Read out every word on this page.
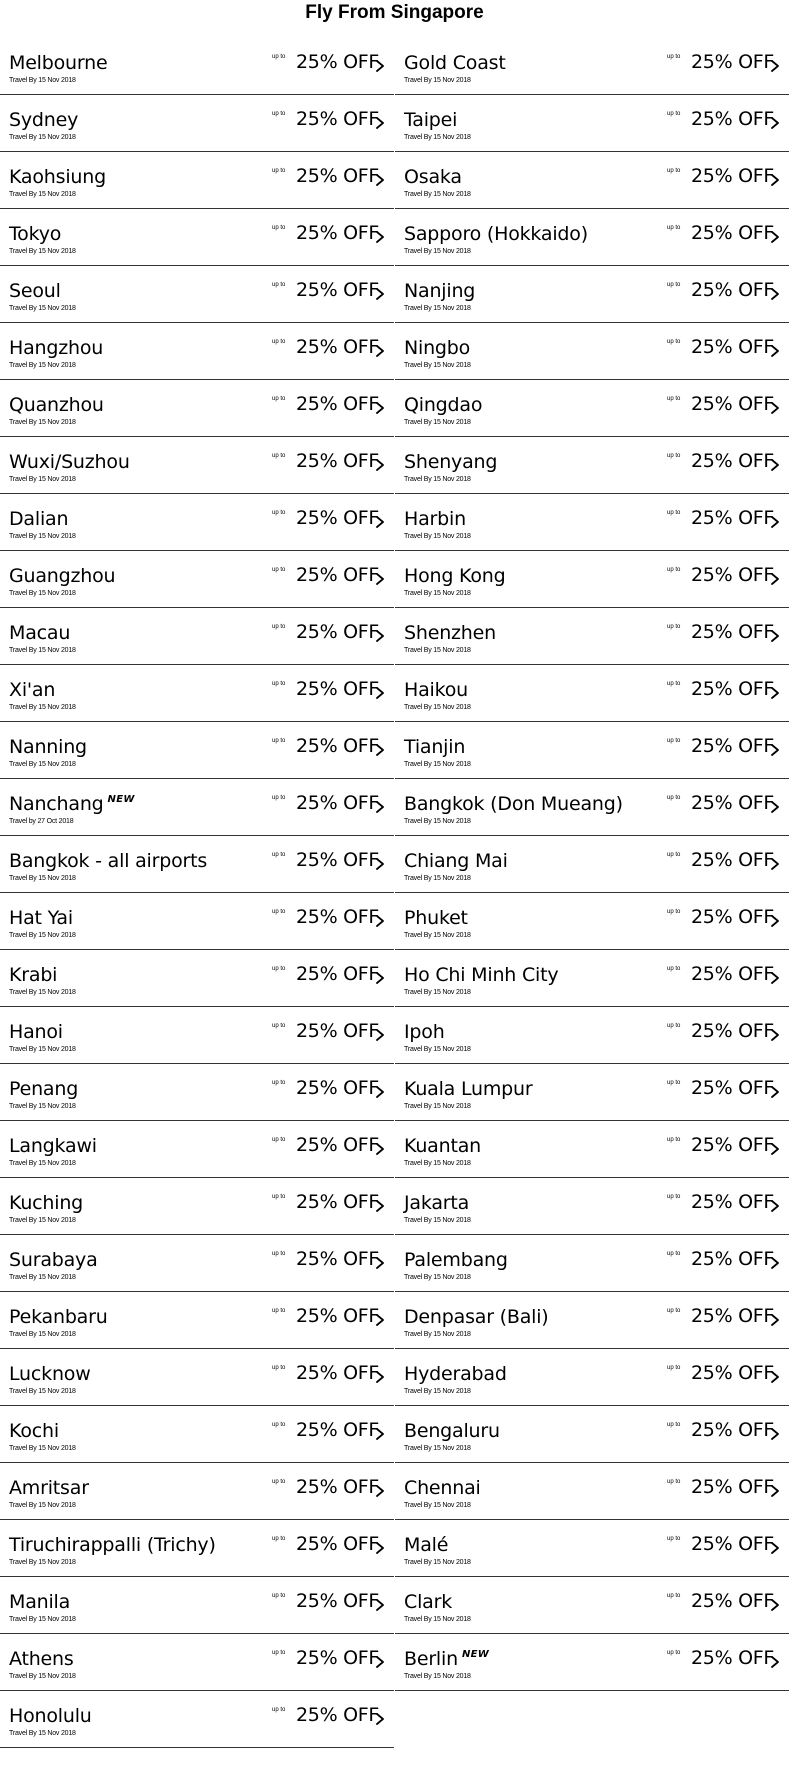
Fly From Singapore
Melbourne
Travel By 15 Nov 2018
up to 25% OFF Gold Coast
Travel By 15 Nov 2018
up to 25% OFF
Sydney
Travel By 15 Nov 2018
up to 25% OFF Taipei
Travel By 15 Nov 2018
up to 25% OFF
Kaohsiung
Travel By 15 Nov 2018
up to 25% OFF Osaka
Travel By 15 Nov 2018
up to 25% OFF
Tokyo
Travel By 15 Nov 2018
up to 25% OFF Sapporo (Hokkaido)
Travel By 15 Nov 2018
up to 25% OFF
Seoul
Travel By 15 Nov 2018
up to 25% OFF Nanjing
Travel By 15 Nov 2018
up to 25% OFF
Hangzhou
Travel By 15 Nov 2018
up to 25% OFF Ningbo
Travel By 15 Nov 2018
up to 25% OFF
Quanzhou
Travel By 15 Nov 2018
up to 25% OFF Qingdao
Travel By 15 Nov 2018
up to 25% OFF
Wuxi/Suzhou
Travel By 15 Nov 2018
up to 25% OFF Shenyang
Travel By 15 Nov 2018
up to 25% OFF
Dalian
Travel By 15 Nov 2018
up to 25% OFF Harbin
Travel By 15 Nov 2018
up to 25% OFF
Guangzhou
Travel By 15 Nov 2018
up to 25% OFF Hong Kong
Travel By 15 Nov 2018
up to 25% OFF
Macau
Travel By 15 Nov 2018
up to 25% OFF Shenzhen
Travel By 15 Nov 2018
up to 25% OFF
Xi'an
Travel By 15 Nov 2018
up to 25% OFF Haikou
Travel By 15 Nov 2018
up to 25% OFF
Nanning
Travel By 15 Nov 2018
up to 25% OFF Tianjin
Travel By 15 Nov 2018
up to 25% OFF
Nanchang $^{NEW}$
Travel by 27 Oct 2018
up to 25% OFF Bangkok (Don Mueang)
Travel By 15 Nov 2018
up to 25% OFF
Bangkok - all airports
Travel By 15 Nov 2018
up to 25% OFF Chiang Mai
Travel By 15 Nov 2018
up to 25% OFF
Hat Yai
Travel By 15 Nov 2018
up to 25% OFF Phuket
Travel By 15 Nov 2018
up to 25% OFF
Krabi
Travel By 15 Nov 2018
up to 25% OFF Ho Chi Minh City
Travel By 15 Nov 2018
up to 25% OFF
Hanoi
Travel By 15 Nov 2018
up to 25% OFF Ipoh
Travel By 15 Nov 2018
up to 25% OFF
Penang
Travel By 15 Nov 2018
up to 25% OFF Kuala Lumpur
Travel By 15 Nov 2018
up to 25% OFF
Langkawi
Travel By 15 Nov 2018
up to 25% OFF Kuantan
Travel By 15 Nov 2018
up to 25% OFF
Kuching
Travel By 15 Nov 2018
up to 25% OFF Jakarta
Travel By 15 Nov 2018
up to 25% OFF
Surabaya
Travel By 15 Nov 2018
up to 25% OFF Palembang
Travel By 15 Nov 2018
up to 25% OFF
Pekanbaru
Travel By 15 Nov 2018
up to 25% OFF Denpasar (Bali)
Travel By 15 Nov 2018
up to 25% OFF
Lucknow
Travel By 15 Nov 2018
up to 25% OFF Hyderabad
Travel By 15 Nov 2018
up to 25% OFF
Kochi
Travel By 15 Nov 2018
up to 25% OFF Bengaluru
Travel By 15 Nov 2018
up to 25% OFF
Amritsar
Travel By 15 Nov 2018
up to 25% OFF Chennai
Travel By 15 Nov 2018
up to 25% OFF
Tiruchirappalli (Trichy)
Travel By 15 Nov 2018
up to 25% OFF Malé
Travel By 15 Nov 2018
up to 25% OFF
Manila
Travel By 15 Nov 2018
up to 25% OFF Clark
Travel By 15 Nov 2018
up to 25% OFF
Athens
Travel By 15 Nov 2018
up to 25% OFF Berlin $^{NEW}$
Travel By 15 Nov 2018
up to 25% OFF
Honolulu
Travel By 15 Nov 2018
up to 25% OFF
